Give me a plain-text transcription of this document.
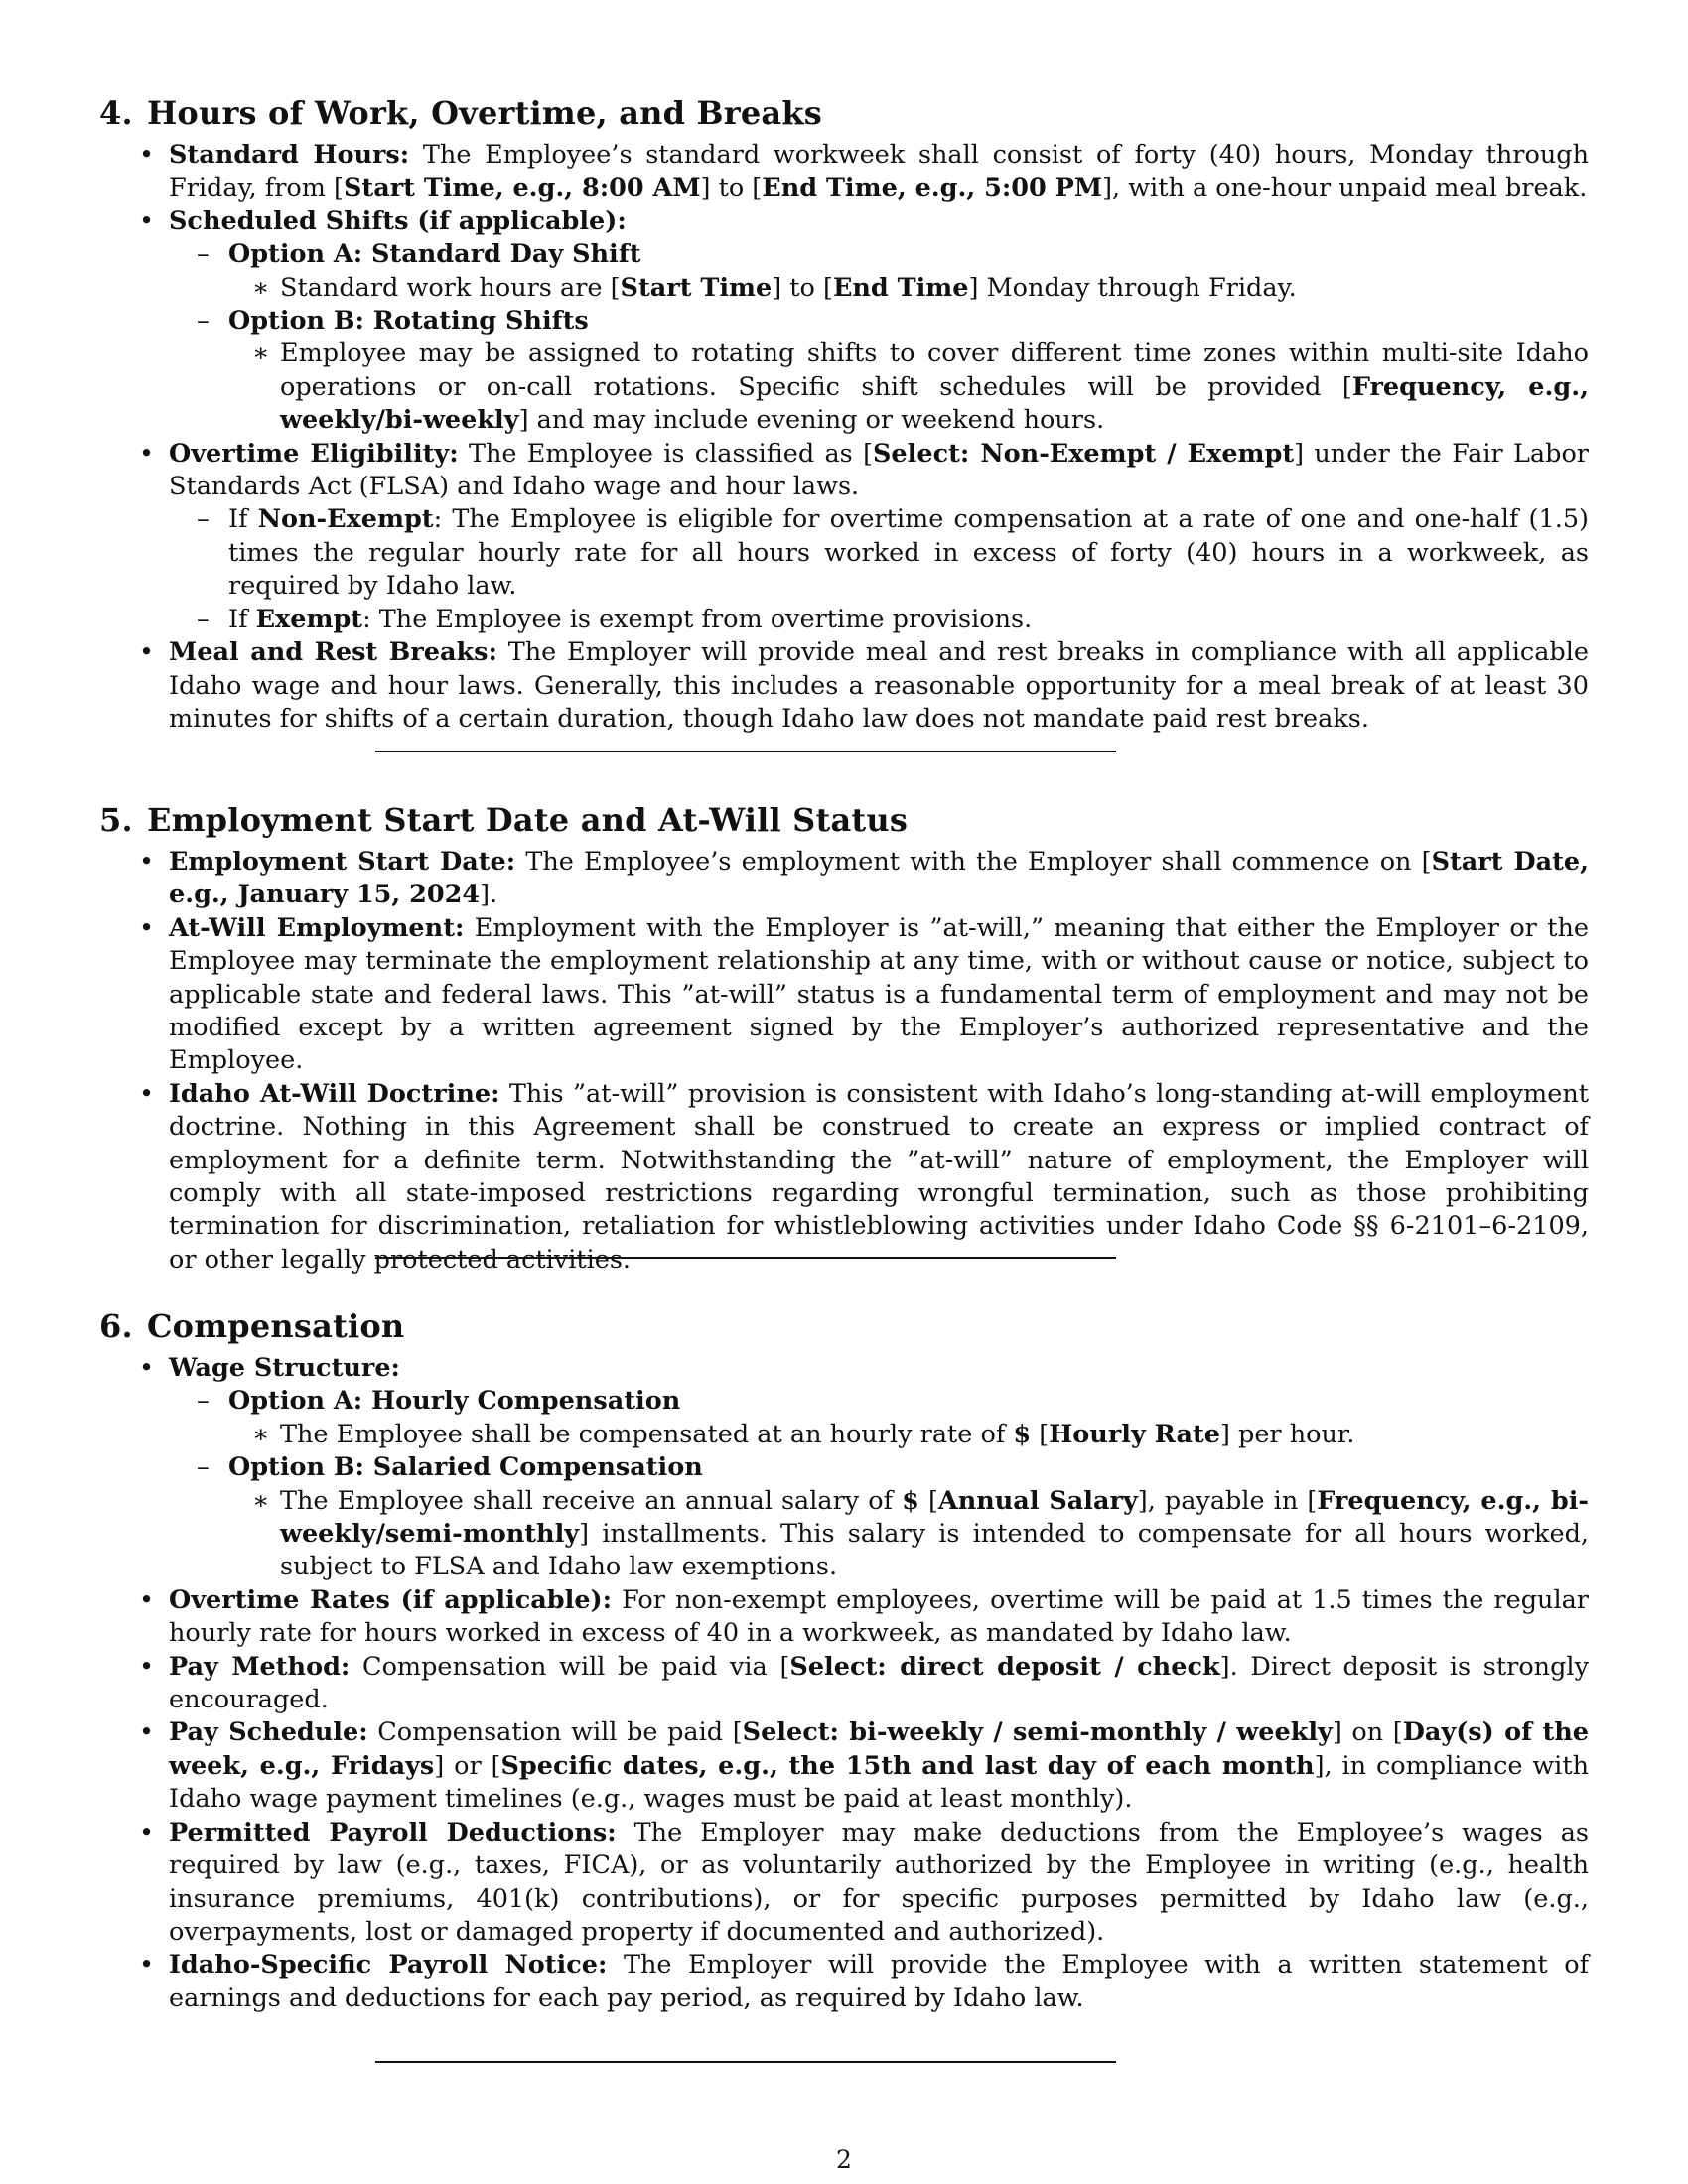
4. Hours of Work, Overtime, and Breaks
• Standard Hours: The Employee’s standard workweek shall consist of forty (40) hours, Monday through Friday, from [Start Time, e.g., 8:00 AM] to [End Time, e.g., 5:00 PM], with a one-hour unpaid meal break.
• Scheduled Shifts (if applicable):
– Option A: Standard Day Shift
∗ Standard work hours are [Start Time] to [End Time] Monday through Friday.
– Option B: Rotating Shifts
∗ Employee may be assigned to rotating shifts to cover different time zones within multi-site Idaho operations or on-call rotations. Specific shift schedules will be provided [Frequency, e.g., weekly/bi-weekly] and may include evening or weekend hours.
• Overtime Eligibility: The Employee is classified as [Select: Non-Exempt / Exempt] under the Fair Labor Standards Act (FLSA) and Idaho wage and hour laws.
– If Non-Exempt: The Employee is eligible for overtime compensation at a rate of one and one-half (1.5) times the regular hourly rate for all hours worked in excess of forty (40) hours in a workweek, as required by Idaho law.
– If Exempt: The Employee is exempt from overtime provisions.
• Meal and Rest Breaks: The Employer will provide meal and rest breaks in compliance with all applicable Idaho wage and hour laws. Generally, this includes a reasonable opportunity for a meal break of at least 30 minutes for shifts of a certain duration, though Idaho law does not mandate paid rest breaks.
5. Employment Start Date and At-Will Status
• Employment Start Date: The Employee’s employment with the Employer shall commence on [Start Date, e.g., January 15, 2024].
• At-Will Employment: Employment with the Employer is ”at-will,” meaning that either the Employer or the Employee may terminate the employment relationship at any time, with or without cause or notice, subject to applicable state and federal laws. This ”at-will” status is a fundamental term of employment and may not be modified except by a written agreement signed by the Employer’s authorized representative and the Employee.
• Idaho At-Will Doctrine: This ”at-will” provision is consistent with Idaho’s long-standing at-will employment doctrine. Nothing in this Agreement shall be construed to create an express or implied contract of employment for a definite term. Notwithstanding the ”at-will” nature of employment, the Employer will comply with all state-imposed restrictions regarding wrongful termination, such as those prohibiting termination for discrimination, retaliation for whistleblowing activities under Idaho Code §§ 6-2101–6-2109, or other legally protected activities.
6. Compensation
• Wage Structure:
– Option A: Hourly Compensation
∗ The Employee shall be compensated at an hourly rate of $ [Hourly Rate] per hour.
– Option B: Salaried Compensation
∗ The Employee shall receive an annual salary of $ [Annual Salary], payable in [Frequency, e.g., bi-weekly/semi-monthly] installments. This salary is intended to compensate for all hours worked, subject to FLSA and Idaho law exemptions.
• Overtime Rates (if applicable): For non-exempt employees, overtime will be paid at 1.5 times the regular hourly rate for hours worked in excess of 40 in a workweek, as mandated by Idaho law.
• Pay Method: Compensation will be paid via [Select: direct deposit / check]. Direct deposit is strongly encouraged.
• Pay Schedule: Compensation will be paid [Select: bi-weekly / semi-monthly / weekly] on [Day(s) of the week, e.g., Fridays] or [Specific dates, e.g., the 15th and last day of each month], in compliance with Idaho wage payment timelines (e.g., wages must be paid at least monthly).
• Permitted Payroll Deductions: The Employer may make deductions from the Employee’s wages as required by law (e.g., taxes, FICA), or as voluntarily authorized by the Employee in writing (e.g., health insurance premiums, 401(k) contributions), or for specific purposes permitted by Idaho law (e.g., overpayments, lost or damaged property if documented and authorized).
• Idaho-Specific Payroll Notice: The Employer will provide the Employee with a written statement of earnings and deductions for each pay period, as required by Idaho law.
2
